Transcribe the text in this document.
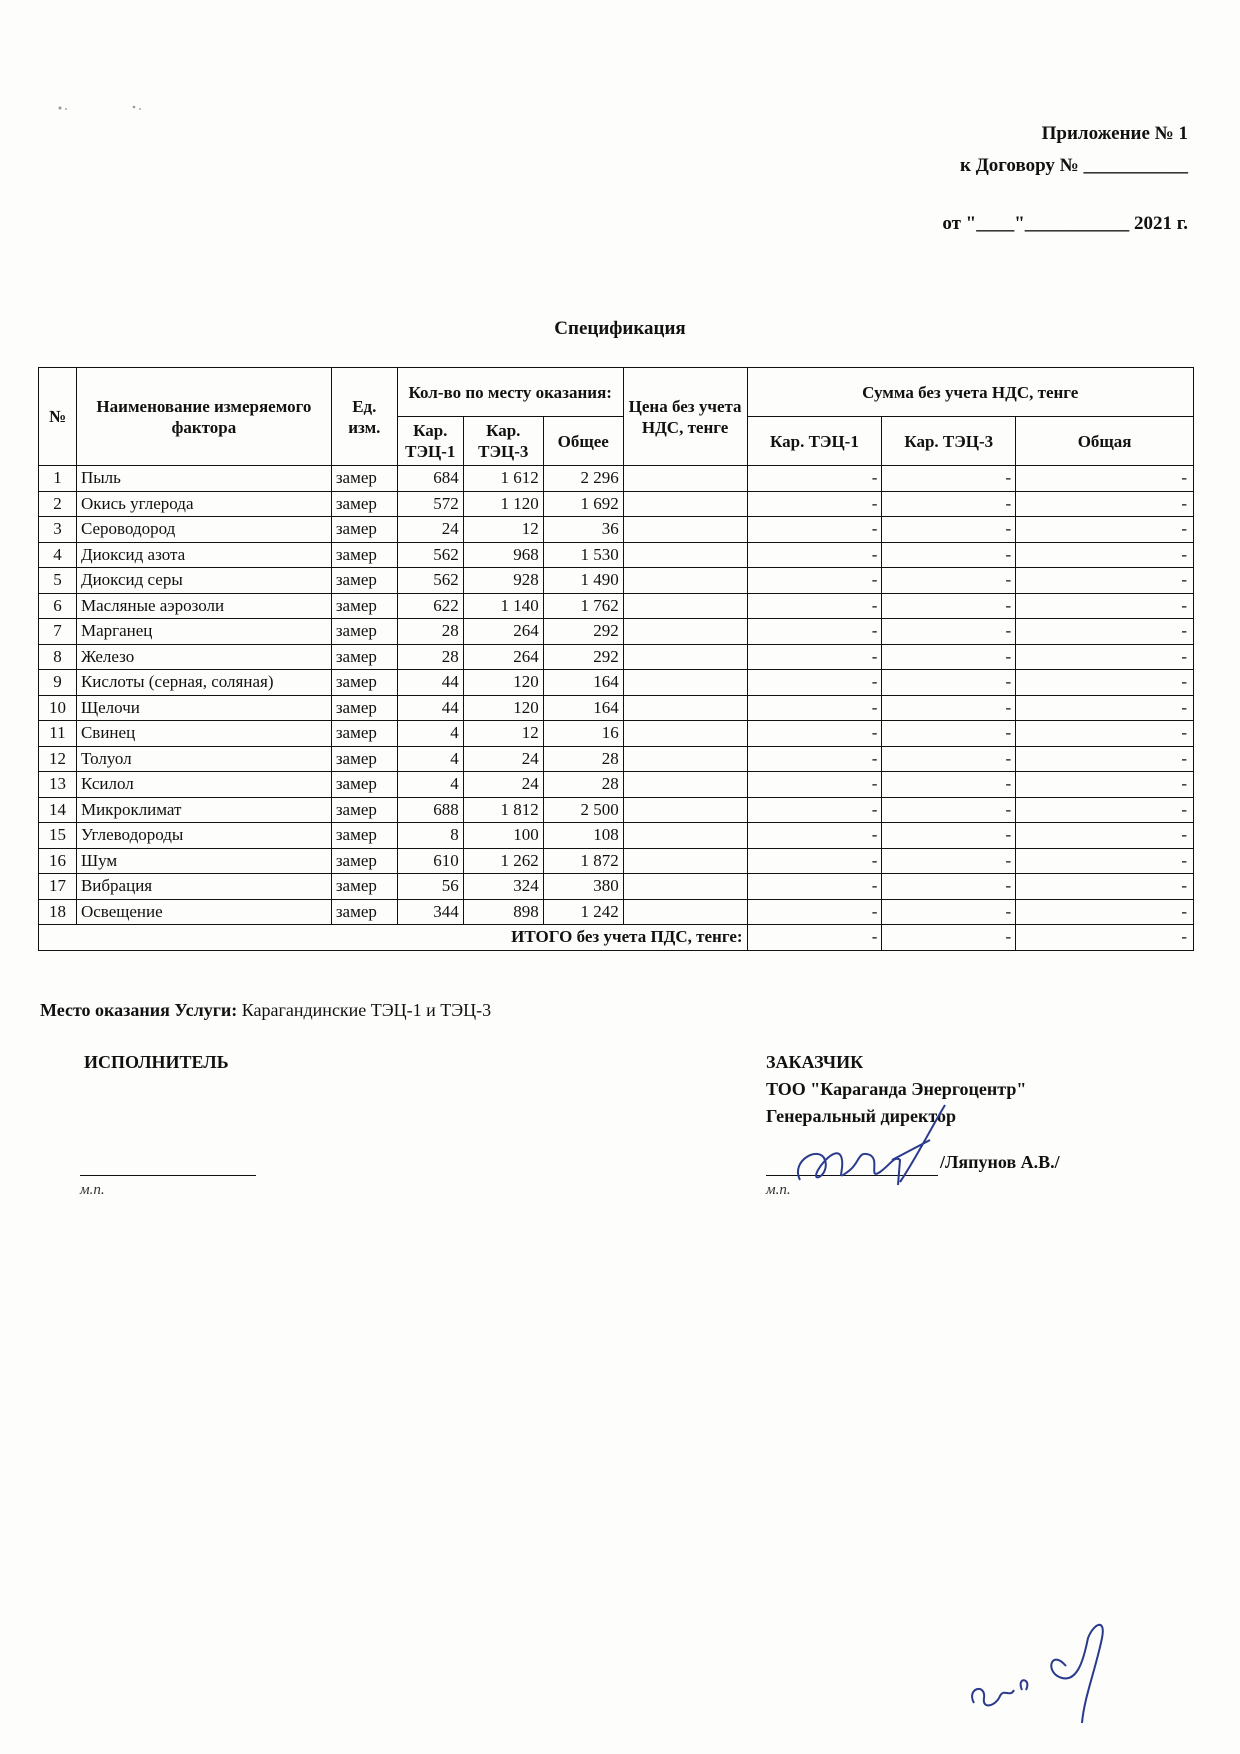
Приложение № 1
к Договору № ___________
от "____"___________ 2021 г.
Спецификация
№	Наименование измеряемого фактора	Ед. изм.	Кол-во по месту оказания:			Цена без учета НДС, тенге	Сумма без учета НДС, тенге		
			Кар. ТЭЦ-1	Кар. ТЭЦ-3	Общее		Кар. ТЭЦ-1	Кар. ТЭЦ-3	Общая
1	Пыль	замер	684	1 612	2 296		-	-	-
2	Окись углерода	замер	572	1 120	1 692		-	-	-
3	Сероводород	замер	24	12	36		-	-	-
4	Диоксид азота	замер	562	968	1 530		-	-	-
5	Диоксид серы	замер	562	928	1 490		-	-	-
6	Масляные аэрозоли	замер	622	1 140	1 762		-	-	-
7	Марганец	замер	28	264	292		-	-	-
8	Железо	замер	28	264	292		-	-	-
9	Кислоты (серная, соляная)	замер	44	120	164		-	-	-
10	Щелочи	замер	44	120	164		-	-	-
11	Свинец	замер	4	12	16		-	-	-
12	Толуол	замер	4	24	28		-	-	-
13	Ксилол	замер	4	24	28		-	-	-
14	Микроклимат	замер	688	1 812	2 500		-	-	-
15	Углеводороды	замер	8	100	108		-	-	-
16	Шум	замер	610	1 262	1 872		-	-	-
17	Вибрация	замер	56	324	380		-	-	-
18	Освещение	замер	344	898	1 242		-	-	-
ИТОГО без учета ПДС, тенге:							-	-	-
Место оказания Услуги: Карагандинские ТЭЦ-1 и ТЭЦ-3
ИСПОЛНИТЕЛЬ	ЗАКАЗЧИК
ТОО "Караганда Энергоцентр"
Генеральный директор
/Ляпунов А.В./
м.п.	м.п.
